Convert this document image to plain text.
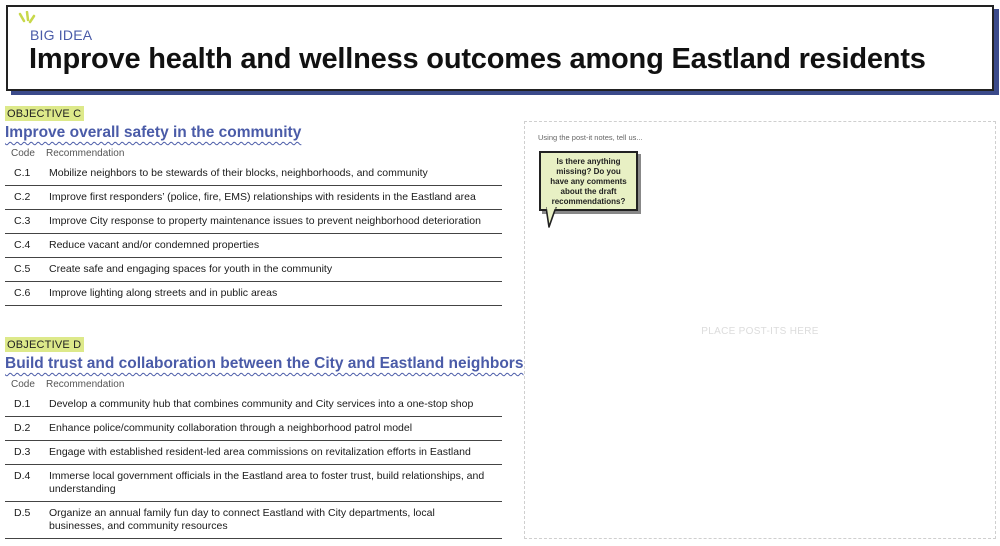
BIG IDEA
Improve health and wellness outcomes among Eastland residents
OBJECTIVE C
Improve overall safety in the community
Code	Recommendation
C.1	Mobilize neighbors to be stewards of their blocks, neighborhoods, and community
C.2	Improve first responders’ (police, fire, EMS) relationships with residents in the Eastland area
C.3	Improve City response to property maintenance issues to prevent neighborhood deterioration
C.4	Reduce vacant and/or condemned properties
C.5	Create safe and engaging spaces for youth in the community
C.6	Improve lighting along streets and in public areas
OBJECTIVE D
Build trust and collaboration between the City and Eastland neighbors
Code	Recommendation
D.1	Develop a community hub that combines community and City services into a one-stop shop
D.2	Enhance police/community collaboration through a neighborhood patrol model
D.3	Engage with established resident-led area commissions on revitalization efforts in Eastland
D.4	Immerse local government officials in the Eastland area to foster trust, build relationships, and understanding
D.5	Organize an annual family fun day to connect Eastland with City departments, local businesses, and community resources
Using the post-it notes, tell us...
Is there anything missing? Do you have any comments about the draft recommendations?
PLACE POST-ITS HERE
